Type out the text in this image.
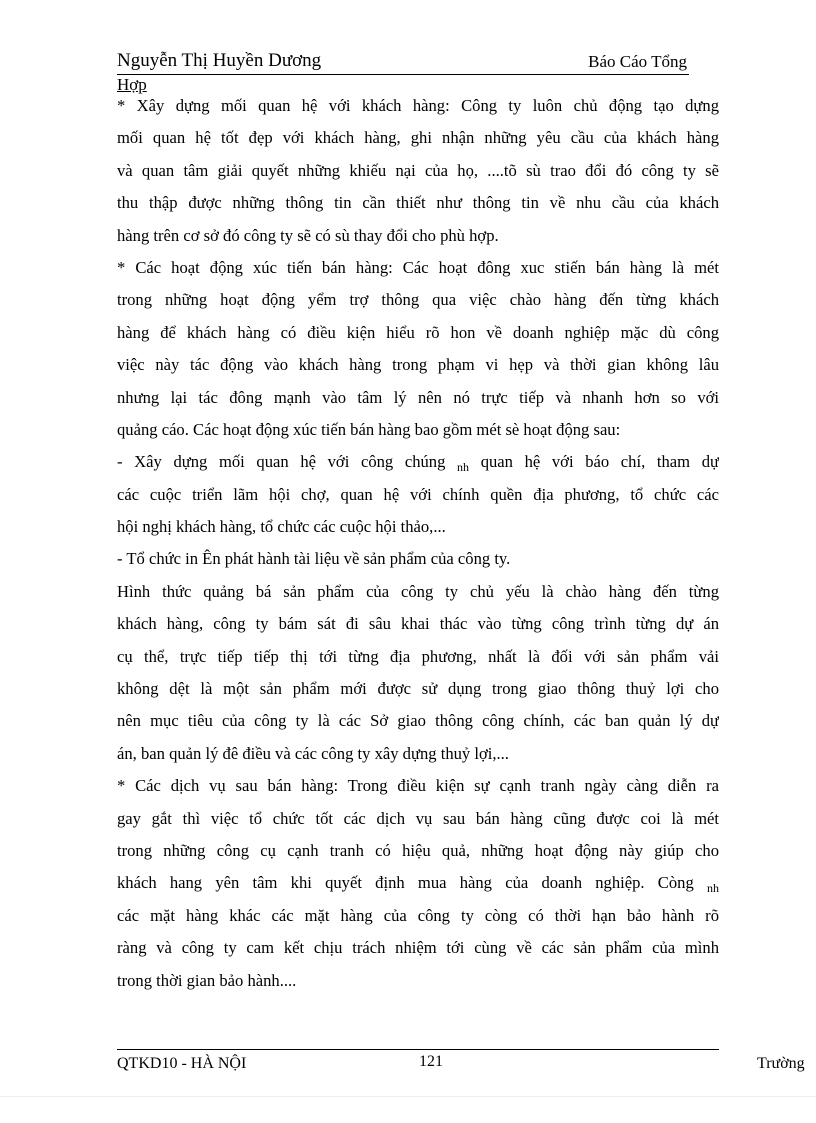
Nguyễn Thị Huyền Dương	Báo Cáo Tổng
Hợp
* Xây dựng mối quan hệ với khách hàng: Công ty luôn chủ động tạo dựng
mối quan hệ tốt đẹp với khách hàng, ghi nhận những yêu cầu của khách hàng
và quan tâm giải quyết những khiếu nại của họ, ....tõ sù trao đổi đó công ty sẽ
thu thập được những thông tin cần thiết như thông tin về nhu cầu của khách
hàng trên cơ sở đó công ty sẽ có sù thay đổi cho phù hợp.
* Các hoạt động xúc tiến bán hàng: Các hoạt đông xuc stiến bán hàng là mét
trong những hoạt động yểm trợ thông qua việc chào hàng đến từng khách
hàng để khách hàng có điều kiện hiểu rõ hon về doanh nghiệp mặc dù công
việc này tác động vào khách hàng trong phạm vi hẹp và thời gian không lâu
nhưng lại tác đông mạnh vào tâm lý nên nó trực tiếp và nhanh hơn so với
quảng cáo. Các hoạt động xúc tiến bán hàng bao gồm mét sè hoạt động sau:
- Xây dựng mối quan hệ với công chúng $_{nh}$ quan hệ với báo chí, tham dự
các cuộc triển lãm hội chợ, quan hệ với chính quền địa phương, tổ chức các
hội nghị khách hàng, tổ chức các cuộc hội thảo,...
- Tổ chức in Ên phát hành tài liệu về sản phẩm của công ty.
Hình thức quảng bá sản phẩm của công ty chủ yếu là chào hàng đến từng
khách hàng, công ty bám sát đi sâu khai thác vào từng công trình từng dự án
cụ thể, trực tiếp tiếp thị tới từng địa phương, nhất là đối với sản phẩm vải
không dệt là một sản phẩm mới được sử dụng trong giao thông thuỷ lợi cho
nên mục tiêu của công ty là các Sở giao thông công chính, các ban quản lý dự
án, ban quản lý đê điều và các công ty xây dựng thuỷ lợi,...
* Các dịch vụ sau bán hàng: Trong điều kiện sự cạnh tranh ngày càng diễn ra
gay gắt thì việc tổ chức tốt các dịch vụ sau bán hàng cũng được coi là mét
trong những công cụ cạnh tranh có hiệu quả, những hoạt động này giúp cho
khách hang yên tâm khi quyết định mua hàng của doanh nghiệp. Còng $_{nh}$
các mặt hàng khác các mặt hàng của công ty còng có thời hạn bảo hành rõ
ràng và công ty cam kết chịu trách nhiệm tới cùng về các sản phẩm của mình
trong thời gian bảo hành....
QTKD10 - HÀ NỘI	121	Trường
